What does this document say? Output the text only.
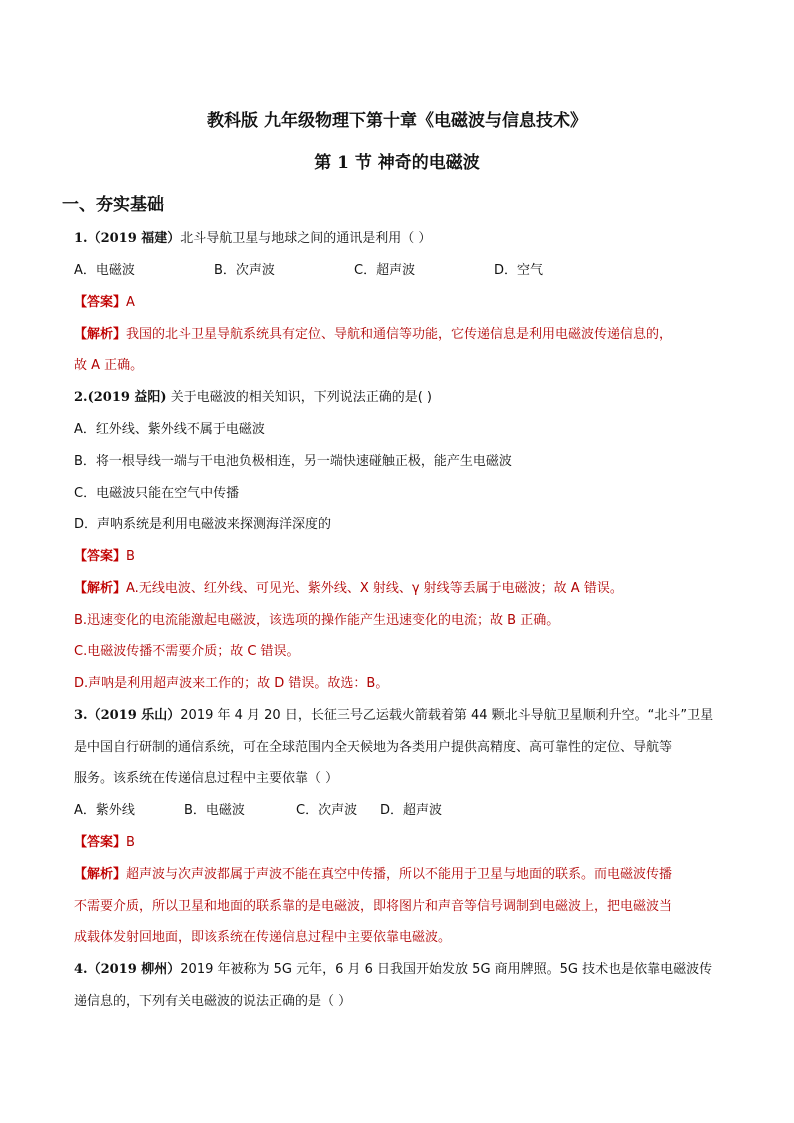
教科版 九年级物理下第十章《电磁波与信息技术》
第 1 节 神奇的电磁波
一、夯实基础
1.（2019 福建）北斗导航卫星与地球之间的通讯是利用（ ）
A．电磁波	B．次声波	C．超声波	D．空气
【答案】A
【解析】我国的北斗卫星导航系统具有定位、导航和通信等功能，它传递信息是利用电磁波传递信息的，
故 A 正确。
2.(2019 益阳) 关于电磁波的相关知识，下列说法正确的是( )
A．红外线、紫外线不属于电磁波
B．将一根导线一端与干电池负极相连，另一端快速碰触正极，能产生电磁波
C．电磁波只能在空气中传播
D．声呐系统是利用电磁波来探测海洋深度的
【答案】B
【解析】A.无线电波、红外线、可见光、紫外线、X 射线、γ 射线等丢属于电磁波；故 A 错误。
B.迅速变化的电流能激起电磁波，该选项的操作能产生迅速变化的电流；故 B 正确。
C.电磁波传播不需要介质；故 C 错误。
D.声呐是利用超声波来工作的；故 D 错误。故选：B。
3.（2019 乐山）2019 年 4 月 20 日，长征三号乙运载火箭载着第 44 颗北斗导航卫星顺利升空。“北斗”卫星
是中国自行研制的通信系统，可在全球范围内全天候地为各类用户提供高精度、高可靠性的定位、导航等
服务。该系统在传递信息过程中主要依靠（ ）
A．紫外线	B．电磁波	C．次声波 D．超声波
【答案】B
【解析】超声波与次声波都属于声波不能在真空中传播，所以不能用于卫星与地面的联系。而电磁波传播
不需要介质，所以卫星和地面的联系靠的是电磁波，即将图片和声音等信号调制到电磁波上，把电磁波当
成载体发射回地面，即该系统在传递信息过程中主要依靠电磁波。
4.（2019 柳州）2019 年被称为 5G 元年，6 月 6 日我国开始发放 5G 商用牌照。5G 技术也是依靠电磁波传
递信息的，下列有关电磁波的说法正确的是（ ）
